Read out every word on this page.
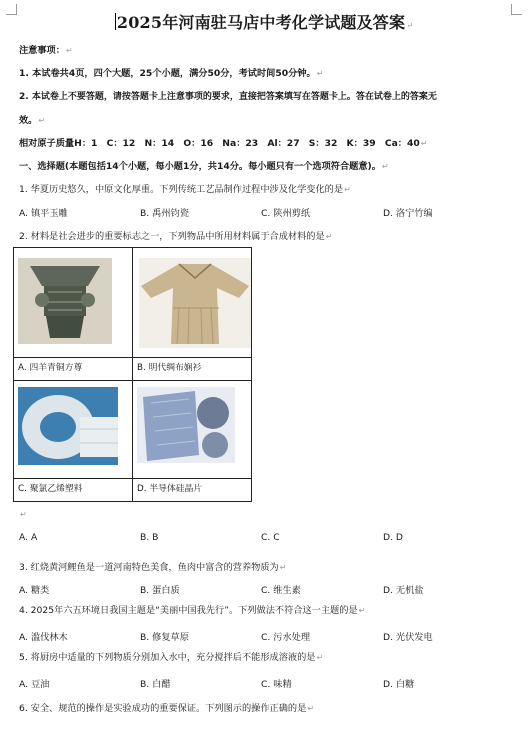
2025年河南驻马店中考化学试题及答案↵
注意事项：↵
1. 本试卷共4页，四个大题，25个小题，满分50分，考试时间50分钟。↵
2. 本试卷上不要答题，请按答题卡上注意事项的要求，直接把答案填写在答题卡上。答在试卷上的答案无
效。↵
相对原子质量H：1　C：12　N：14　O：16　Na：23　Al：27　S：32　K：39　Ca：40↵
一、选择题(本题包括14个小题，每小题1分，共14分。每小题只有一个选项符合题意)。↵
1. 华夏历史悠久，中原文化厚重。下列传统工艺品制作过程中涉及化学变化的是↵
A. 镇平玉雕	B. 禹州钧瓷	C. 陕州剪纸	D. 洛宁竹编
2. 材料是社会进步的重要标志之一，下列物品中所用材料属于合成材料的是↵

A. 四羊青铜方尊	B. 明代绸布娴衫

C. 聚氯乙烯塑料	D. 半导体硅晶片
↵
A. A	B. B	C. C	D. D
3. 红烧黄河鲤鱼是一道河南特色美食，鱼肉中富含的营养物质为↵
A. 糖类	B. 蛋白质	C. 维生素	D. 无机盐
4. 2025年六五环境日我国主题是“美丽中国我先行”。下列做法不符合这一主题的是↵
A. 滥伐林木	B. 修复草原	C. 污水处理	D. 光伏发电
5. 将厨房中适量的下列物质分别加入水中，充分搅拌后不能形成溶液的是↵
A. 豆油	B. 白醋	C. 味精	D. 白糖
6. 安全、规范的操作是实验成功的重要保证。下列图示的操作正确的是↵
